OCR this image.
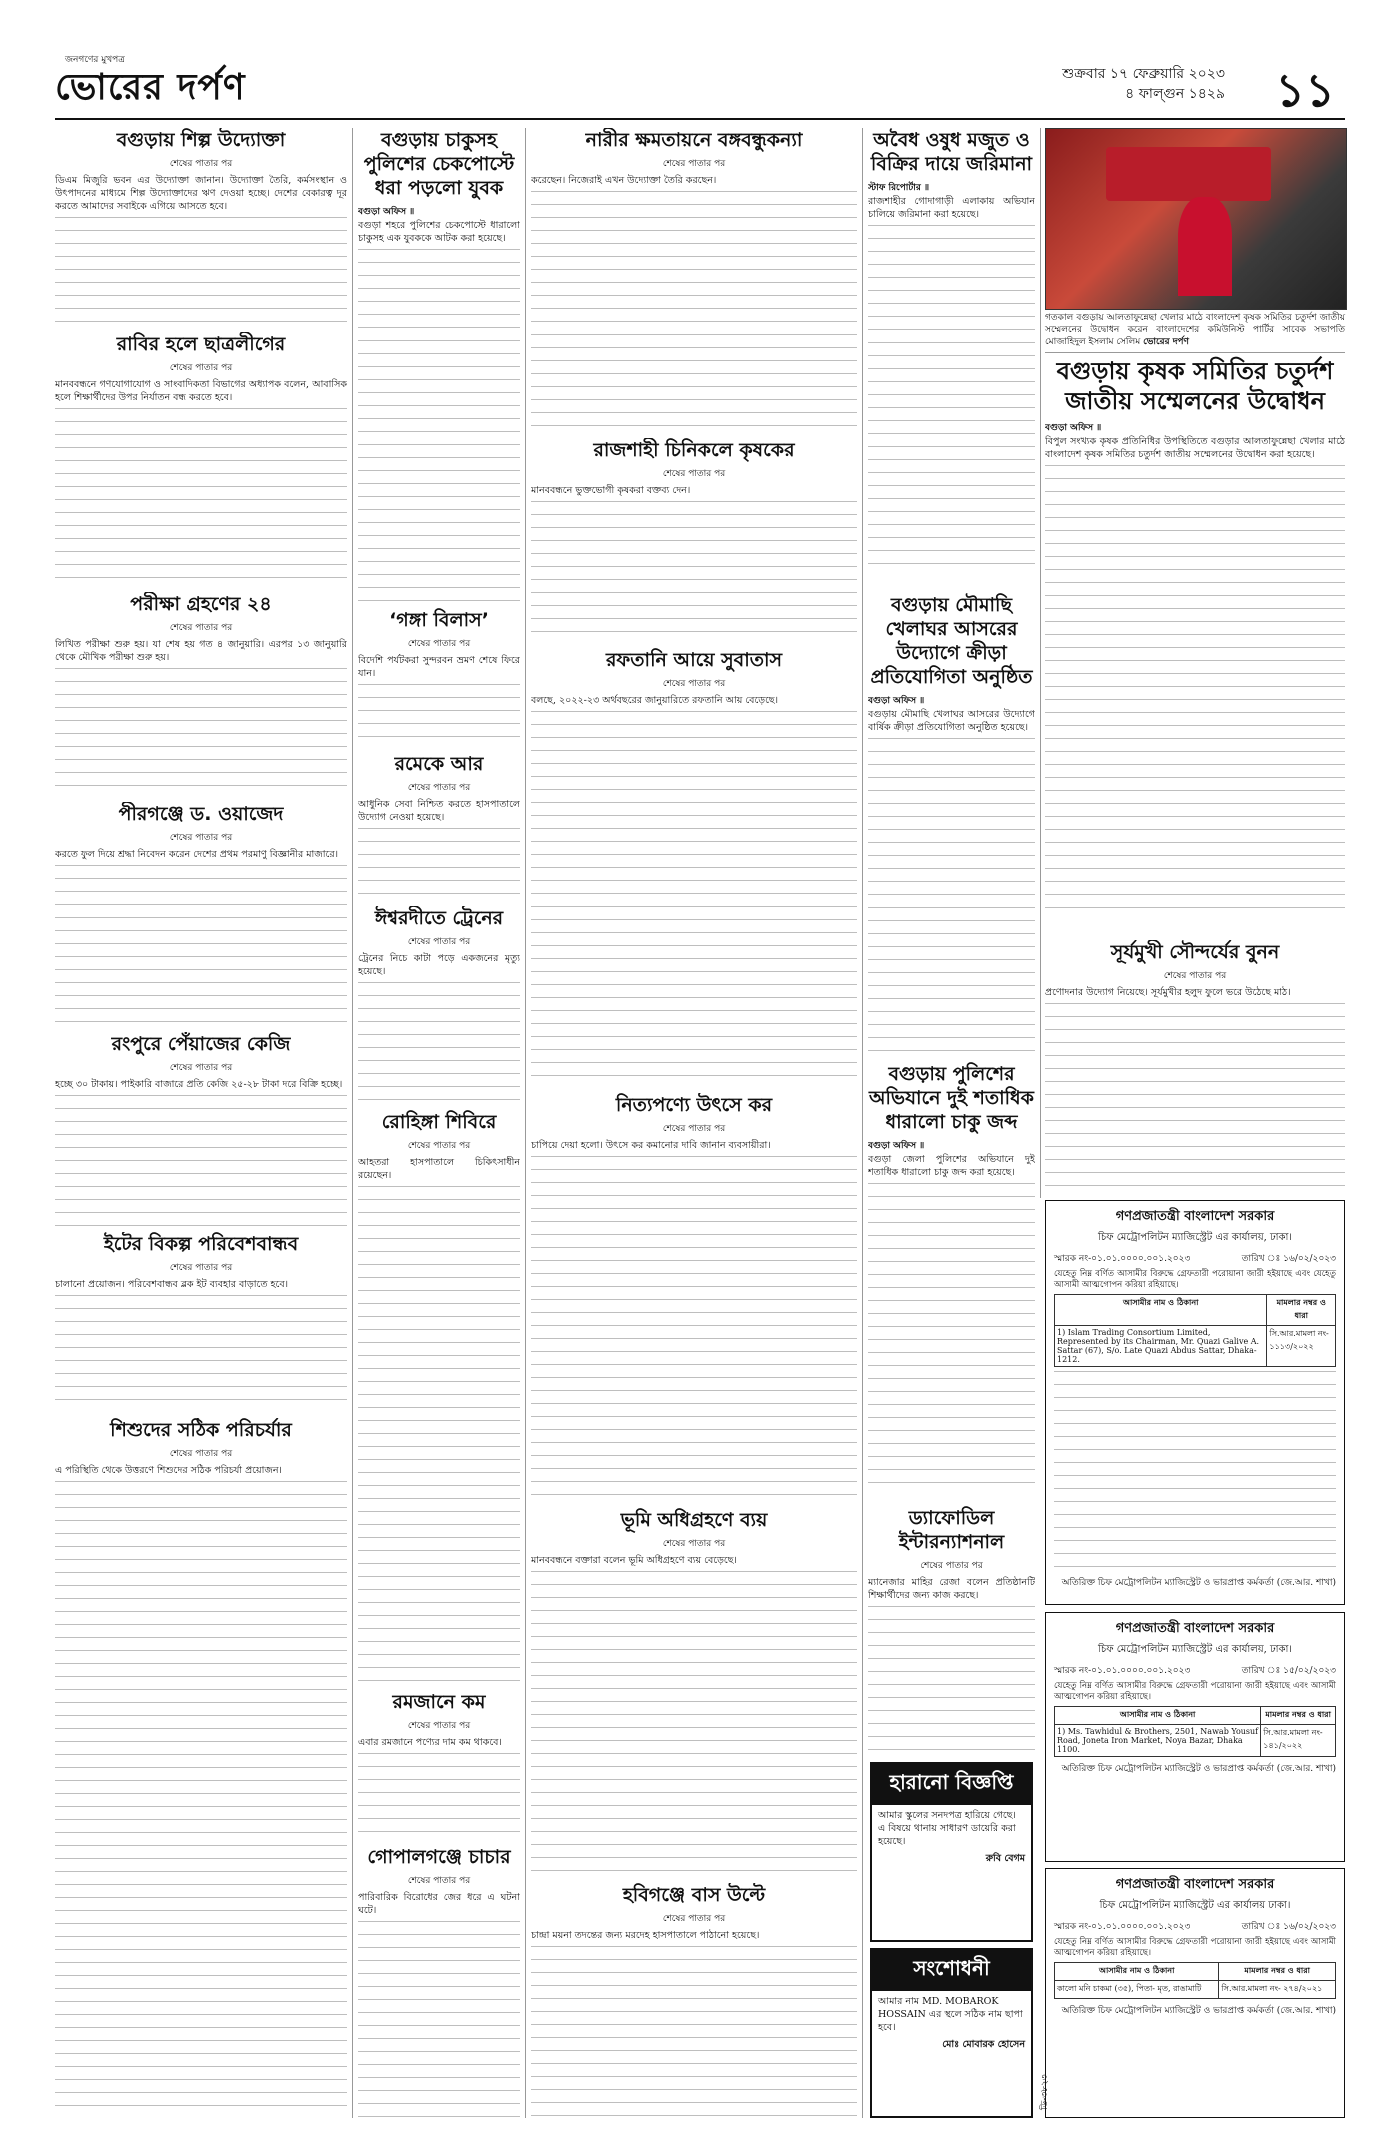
জনগণের মুখপত্র
ভোরের দর্পণ	শুক্রবার ১৭ ফেব্রুয়ারি ২০২৩
৪ ফাল্গুন ১৪২৯ ১১
বগুড়ায় শিল্প উদ্যোক্তা
শেষের পাতার পর

ডিএম মিজুরি ভবন এর উদ্যোক্তা জানান। উদ্যোক্তা তৈরি, কর্মসংস্থান ও উৎপাদনের মাধ্যমে শিল্প উদ্যোক্তাদের ঋণ দেওয়া হচ্ছে। দেশের বেকারত্ব দূর করতে আমাদের সবাইকে এগিয়ে আসতে হবে।

রাবির হলে ছাত্রলীগের
শেষের পাতার পর

মানববন্ধনে গণযোগাযোগ ও সাংবাদিকতা বিভাগের অধ্যাপক বলেন, আবাসিক হলে শিক্ষার্থীদের উপর নির্যাতন বন্ধ করতে হবে।

পরীক্ষা গ্রহণের ২৪
শেষের পাতার পর

লিখিত পরীক্ষা শুরু হয়। যা শেষ হয় গত ৪ জানুয়ারি। এরপর ১৩ জানুয়ারি থেকে মৌখিক পরীক্ষা শুরু হয়।

পীরগঞ্জে ড. ওয়াজেদ
শেষের পাতার পর

করতে ফুল দিয়ে শ্রদ্ধা নিবেদন করেন দেশের প্রথম পরমাণু বিজ্ঞানীর মাজারে।

রংপুরে পেঁয়াজের কেজি
শেষের পাতার পর

হচ্ছে ৩০ টাকায়। পাইকারি বাজারে প্রতি কেজি ২৫-২৮ টাকা দরে বিক্রি হচ্ছে।

ইটের বিকল্প পরিবেশবান্ধব
শেষের পাতার পর

চালানো প্রয়োজন। পরিবেশবান্ধব ব্লক ইট ব্যবহার বাড়াতে হবে।

শিশুদের সঠিক পরিচর্যার
শেষের পাতার পর

এ পরিস্থিতি থেকে উত্তরণে শিশুদের সঠিক পরিচর্যা প্রয়োজন।

বগুড়ায় চাকুসহ পুলিশের চেকপোস্টে ধরা পড়লো যুবক
বগুড়া অফিস ॥

বগুড়া শহরে পুলিশের চেকপোস্টে ধারালো চাকুসহ এক যুবককে আটক করা হয়েছে।

‘গঙ্গা বিলাস’
শেষের পাতার পর

বিদেশি পর্যটকরা সুন্দরবন ভ্রমণ শেষে ফিরে যান।

রমেকে আর
শেষের পাতার পর

আধুনিক সেবা নিশ্চিত করতে হাসপাতালে উদ্যোগ নেওয়া হয়েছে।

ঈশ্বরদীতে ট্রেনের
শেষের পাতার পর

ট্রেনের নিচে কাটা পড়ে একজনের মৃত্যু হয়েছে।

রোহিঙ্গা শিবিরে
শেষের পাতার পর

আহতরা হাসপাতালে চিকিৎসাধীন রয়েছেন।

রমজানে কম
শেষের পাতার পর

এবার রমজানে পণ্যের দাম কম থাকবে।

গোপালগঞ্জে চাচার
শেষের পাতার পর

পারিবারিক বিরোধের জের ধরে এ ঘটনা ঘটে।

নারীর ক্ষমতায়নে বঙ্গবন্ধুকন্যা
শেষের পাতার পর

করেছেন। নিজেরাই এখন উদ্যোক্তা তৈরি করছেন।

রাজশাহী চিনিকলে কৃষকের
শেষের পাতার পর

মানববন্ধনে ভুক্তভোগী কৃষকরা বক্তব্য দেন।

রফতানি আয়ে সুবাতাস
শেষের পাতার পর

বলছে, ২০২২-২৩ অর্থবছরের জানুয়ারিতে রফতানি আয় বেড়েছে।

নিত্যপণ্যে উৎসে কর
শেষের পাতার পর

চাপিয়ে দেয়া হলো। উৎসে কর কমানোর দাবি জানান ব্যবসায়ীরা।

ভূমি অধিগ্রহণে ব্যয়
শেষের পাতার পর

মানববন্ধনে বক্তারা বলেন ভূমি অধিগ্রহণে ব্যয় বেড়েছে।

হবিগঞ্জে বাস উল্টে
শেষের পাতার পর

চান্দ্রা ময়না তদন্তের জন্য মরদেহ হাসপাতালে পাঠানো হয়েছে।

অবৈধ ওষুধ মজুত ও বিক্রির দায়ে জরিমানা
স্টাফ রিপোর্টার ॥

রাজশাহীর গোদাগাড়ী এলাকায় অভিযান চালিয়ে জরিমানা করা হয়েছে।

বগুড়ায় মৌমাছি খেলাঘর আসরের উদ্যোগে ক্রীড়া প্রতিযোগিতা অনুষ্ঠিত
বগুড়া অফিস ॥

বগুড়ায় মৌমাছি খেলাঘর আসরের উদ্যোগে বার্ষিক ক্রীড়া প্রতিযোগিতা অনুষ্ঠিত হয়েছে।

বগুড়ায় পুলিশের অভিযানে দুই শতাধিক ধারালো চাকু জব্দ
বগুড়া অফিস ॥

বগুড়া জেলা পুলিশের অভিযানে দুই শতাধিক ধারালো চাকু জব্দ করা হয়েছে।

ড্যাফোডিল ইন্টারন্যাশনাল
শেষের পাতার পর

ম্যানেজার মাহির রেজা বলেন প্রতিষ্ঠানটি শিক্ষার্থীদের জন্য কাজ করছে।

হারানো বিজ্ঞপ্তি

আমার স্কুলের সনদপত্র হারিয়ে গেছে। এ বিষয়ে থানায় সাধারণ ডায়েরি করা হয়েছে।

রুবি বেগম

সংশোধনী

আমার নাম MD. MOBAROK HOSSAIN এর স্থলে সঠিক নাম ছাপা হবে।

মোঃ মোবারক হোসেন

ডি-৩৮২৩
গতকাল বগুড়ায় আলতাফুন্নেছা খেলার মাঠে বাংলাদেশ কৃষক সমিতির চতুর্দশ জাতীয় সম্মেলনের উদ্বোধন করেন বাংলাদেশের কমিউনিস্ট পার্টির সাবেক সভাপতি মোজাহিদুল ইসলাম সেলিম ভোরের দর্পণ
বগুড়ায় কৃষক সমিতির চতুর্দশ জাতীয় সম্মেলনের উদ্বোধন
বগুড়া অফিস ॥

বিপুল সংখ্যক কৃষক প্রতিনিধির উপস্থিতিতে বগুড়ার আলতাফুন্নেছা খেলার মাঠে বাংলাদেশ কৃষক সমিতির চতুর্দশ জাতীয় সম্মেলনের উদ্বোধন করা হয়েছে।

সূর্যমুখী সৌন্দর্যের বুনন
শেষের পাতার পর

প্রণোদনার উদ্যোগ নিয়েছে। সূর্যমুখীর হলুদ ফুলে ভরে উঠেছে মাঠ।

গণপ্রজাতন্ত্রী বাংলাদেশ সরকার
চিফ মেট্রোপলিটন ম্যাজিস্ট্রেট এর কার্যালয়, ঢাকা।
স্মারক নং-০১.০১.০০০০.০০১.২০২৩	তারিখ ঃ ১৬/০২/২০২৩

যেহেতু নিম্ন বর্ণিত আসামীর বিরুদ্ধে গ্রেফতারী পরোয়ানা জারী হইয়াছে এবং যেহেতু আসামী আত্মগোপন করিয়া রহিয়াছে।

আসামীর নাম ও ঠিকানা	মামলার নম্বর ও ধারা
1) Islam Trading Consortium Limited, Represented by its Chairman, Mr. Quazi Galive A. Sattar (67), S/o. Late Quazi Abdus Sattar, Dhaka-1212.	সি.আর.মামলা নং- ১১১৩/২০২২
অতিরিক্ত চিফ মেট্রোপলিটন ম্যাজিস্ট্রেট ও ভারপ্রাপ্ত কর্মকর্তা (জে.আর. শাখা)
গণপ্রজাতন্ত্রী বাংলাদেশ সরকার
চিফ মেট্রোপলিটন ম্যাজিস্ট্রেট এর কার্যালয়, ঢাকা।
স্মারক নং-০১.০১.০০০০.০০১.২০২৩	তারিখ ঃ ১৫/০২/২০২৩

যেহেতু নিম্ন বর্ণিত আসামীর বিরুদ্ধে গ্রেফতারী পরোয়ানা জারী হইয়াছে এবং আসামী আত্মগোপন করিয়া রহিয়াছে।

আসামীর নাম ও ঠিকানা	মামলার নম্বর ও ধারা
1) Ms. Tawhidul & Brothers, 2501, Nawab Yousuf Road, Joneta Iron Market, Noya Bazar, Dhaka 1100.	সি.আর.মামলা নং- ১৪১/২০২২
অতিরিক্ত চিফ মেট্রোপলিটন ম্যাজিস্ট্রেট ও ভারপ্রাপ্ত কর্মকর্তা (জে.আর. শাখা)
গণপ্রজাতন্ত্রী বাংলাদেশ সরকার
চিফ মেট্রোপলিটন ম্যাজিস্ট্রেট এর কার্যালয় ঢাকা।
স্মারক নং-০১.০১.০০০০.০০১.২০২৩	তারিখ ঃ ১৬/০২/২০২৩

যেহেতু নিম্ন বর্ণিত আসামীর বিরুদ্ধে গ্রেফতারী পরোয়ানা জারী হইয়াছে এবং আসামী আত্মগোপন করিয়া রহিয়াছে।

আসামীর নাম ও ঠিকানা	মামলার নম্বর ও ধারা
কালো মনি চাকমা (৩৫), পিতা- মৃত, রাঙামাটি	সি.আর.মামলা নং- ২৭৪/২০২১
অতিরিক্ত চিফ মেট্রোপলিটন ম্যাজিস্ট্রেট ও ভারপ্রাপ্ত কর্মকর্তা (জে.আর. শাখা)
